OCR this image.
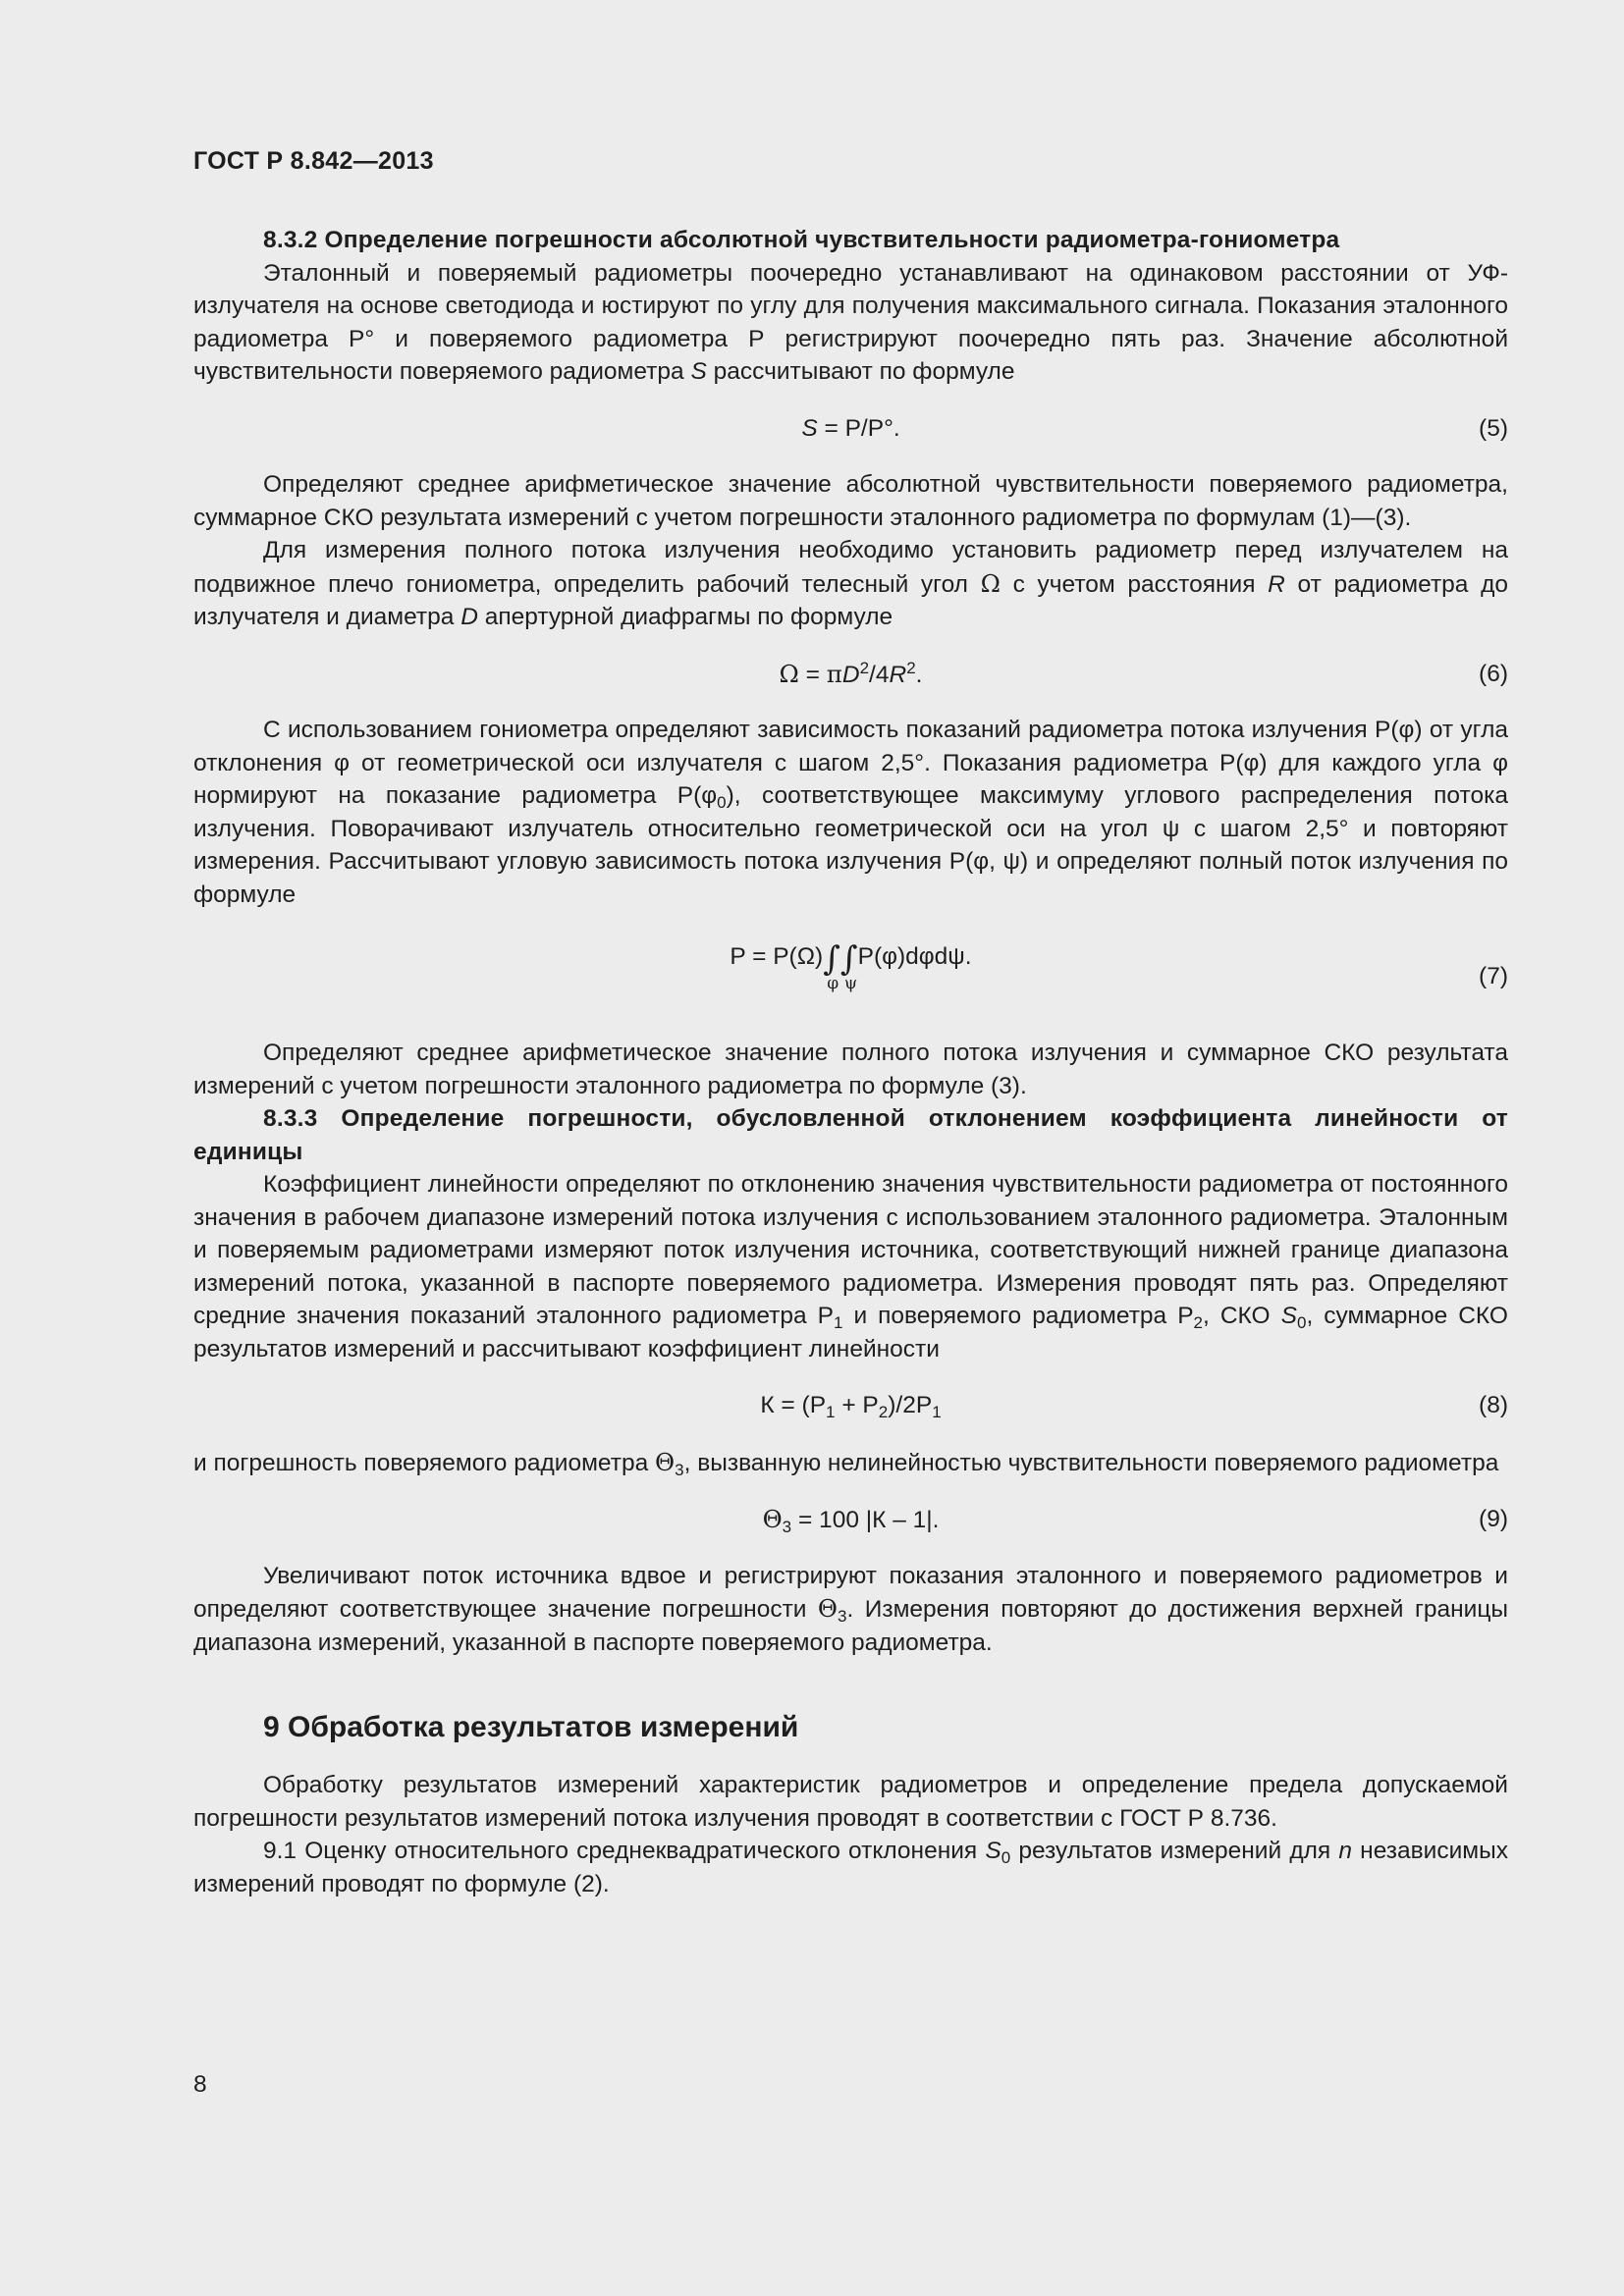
ГОСТ Р 8.842—2013

8.3.2 Определение погрешности абсолютной чувствительности радиометра-гониометра

Эталонный и поверяемый радиометры поочередно устанавливают на одинаковом расстоянии от УФ-излучателя на основе светодиода и юстируют по углу для получения максимального сигнала. Показания эталонного радиометра Р° и поверяемого радиометра Р регистрируют поочередно пять раз. Значение абсолютной чувствительности поверяемого радиометра S рассчитывают по формуле

S = Р/Р°.	(5)

Определяют среднее арифметическое значение абсолютной чувствительности поверяемого радиометра, суммарное СКО результата измерений с учетом погрешности эталонного радиометра по формулам (1)—(3).

Для измерения полного потока излучения необходимо установить радиометр перед излучателем на подвижное плечо гониометра, определить рабочий телесный угол Ω с учетом расстояния R от радиометра до излучателя и диаметра D апертурной диафрагмы по формуле

$\Omega = \pi D^2/4R^2$.	(6)

С использованием гониометра определяют зависимость показаний радиометра потока излучения Р(φ) от угла отклонения φ от геометрической оси излучателя с шагом 2,5°. Показания радиометра Р(φ) для каждого угла φ нормируют на показание радиометра $Р(\varphi_0)$, соответствующее максимуму углового распределения потока излучения. Поворачивают излучатель относительно геометрической оси на угол ψ с шагом 2,5° и повторяют измерения. Рассчитывают угловую зависимость потока излучения Р(φ, ψ) и определяют полный поток излучения по формуле

P = P(Ω)∫
φ
∫
ψ
P(φ)dφdψ.
(7)

Определяют среднее арифметическое значение полного потока излучения и суммарное СКО результата измерений с учетом погрешности эталонного радиометра по формуле (3).

8.3.3 Определение погрешности, обусловленной отклонением коэффициента линейности от единицы

Коэффициент линейности определяют по отклонению значения чувствительности радиометра от постоянного значения в рабочем диапазоне измерений потока излучения с использованием эталонного радиометра. Эталонным и поверяемым радиометрами измеряют поток излучения источника, соответствующий нижней границе диапазона измерений потока, указанной в паспорте поверяемого радиометра. Измерения проводят пять раз. Определяют средние значения показаний эталонного радиометра $Р_1$ и поверяемого радиометра $Р_2$, СКО $S_0$, суммарное СКО результатов измерений и рассчитывают коэффициент линейности

$К = (Р_1 + Р_2)/2Р_1$	(8)

и погрешность поверяемого радиометра $\Theta_3$, вызванную нелинейностью чувствительности поверяемого радиометра

$\Theta_3 = 100$ |К – 1|.	(9)

Увеличивают поток источника вдвое и регистрируют показания эталонного и поверяемого радиометров и определяют соответствующее значение погрешности $\Theta_3$. Измерения повторяют до достижения верхней границы диапазона измерений, указанной в паспорте поверяемого радиометра.

9 Обработка результатов измерений

Обработку результатов измерений характеристик радиометров и определение предела допускаемой погрешности результатов измерений потока излучения проводят в соответствии с ГОСТ Р 8.736.

9.1 Оценку относительного среднеквадратического отклонения $S_0$ результатов измерений для n независимых измерений проводят по формуле (2).

8
